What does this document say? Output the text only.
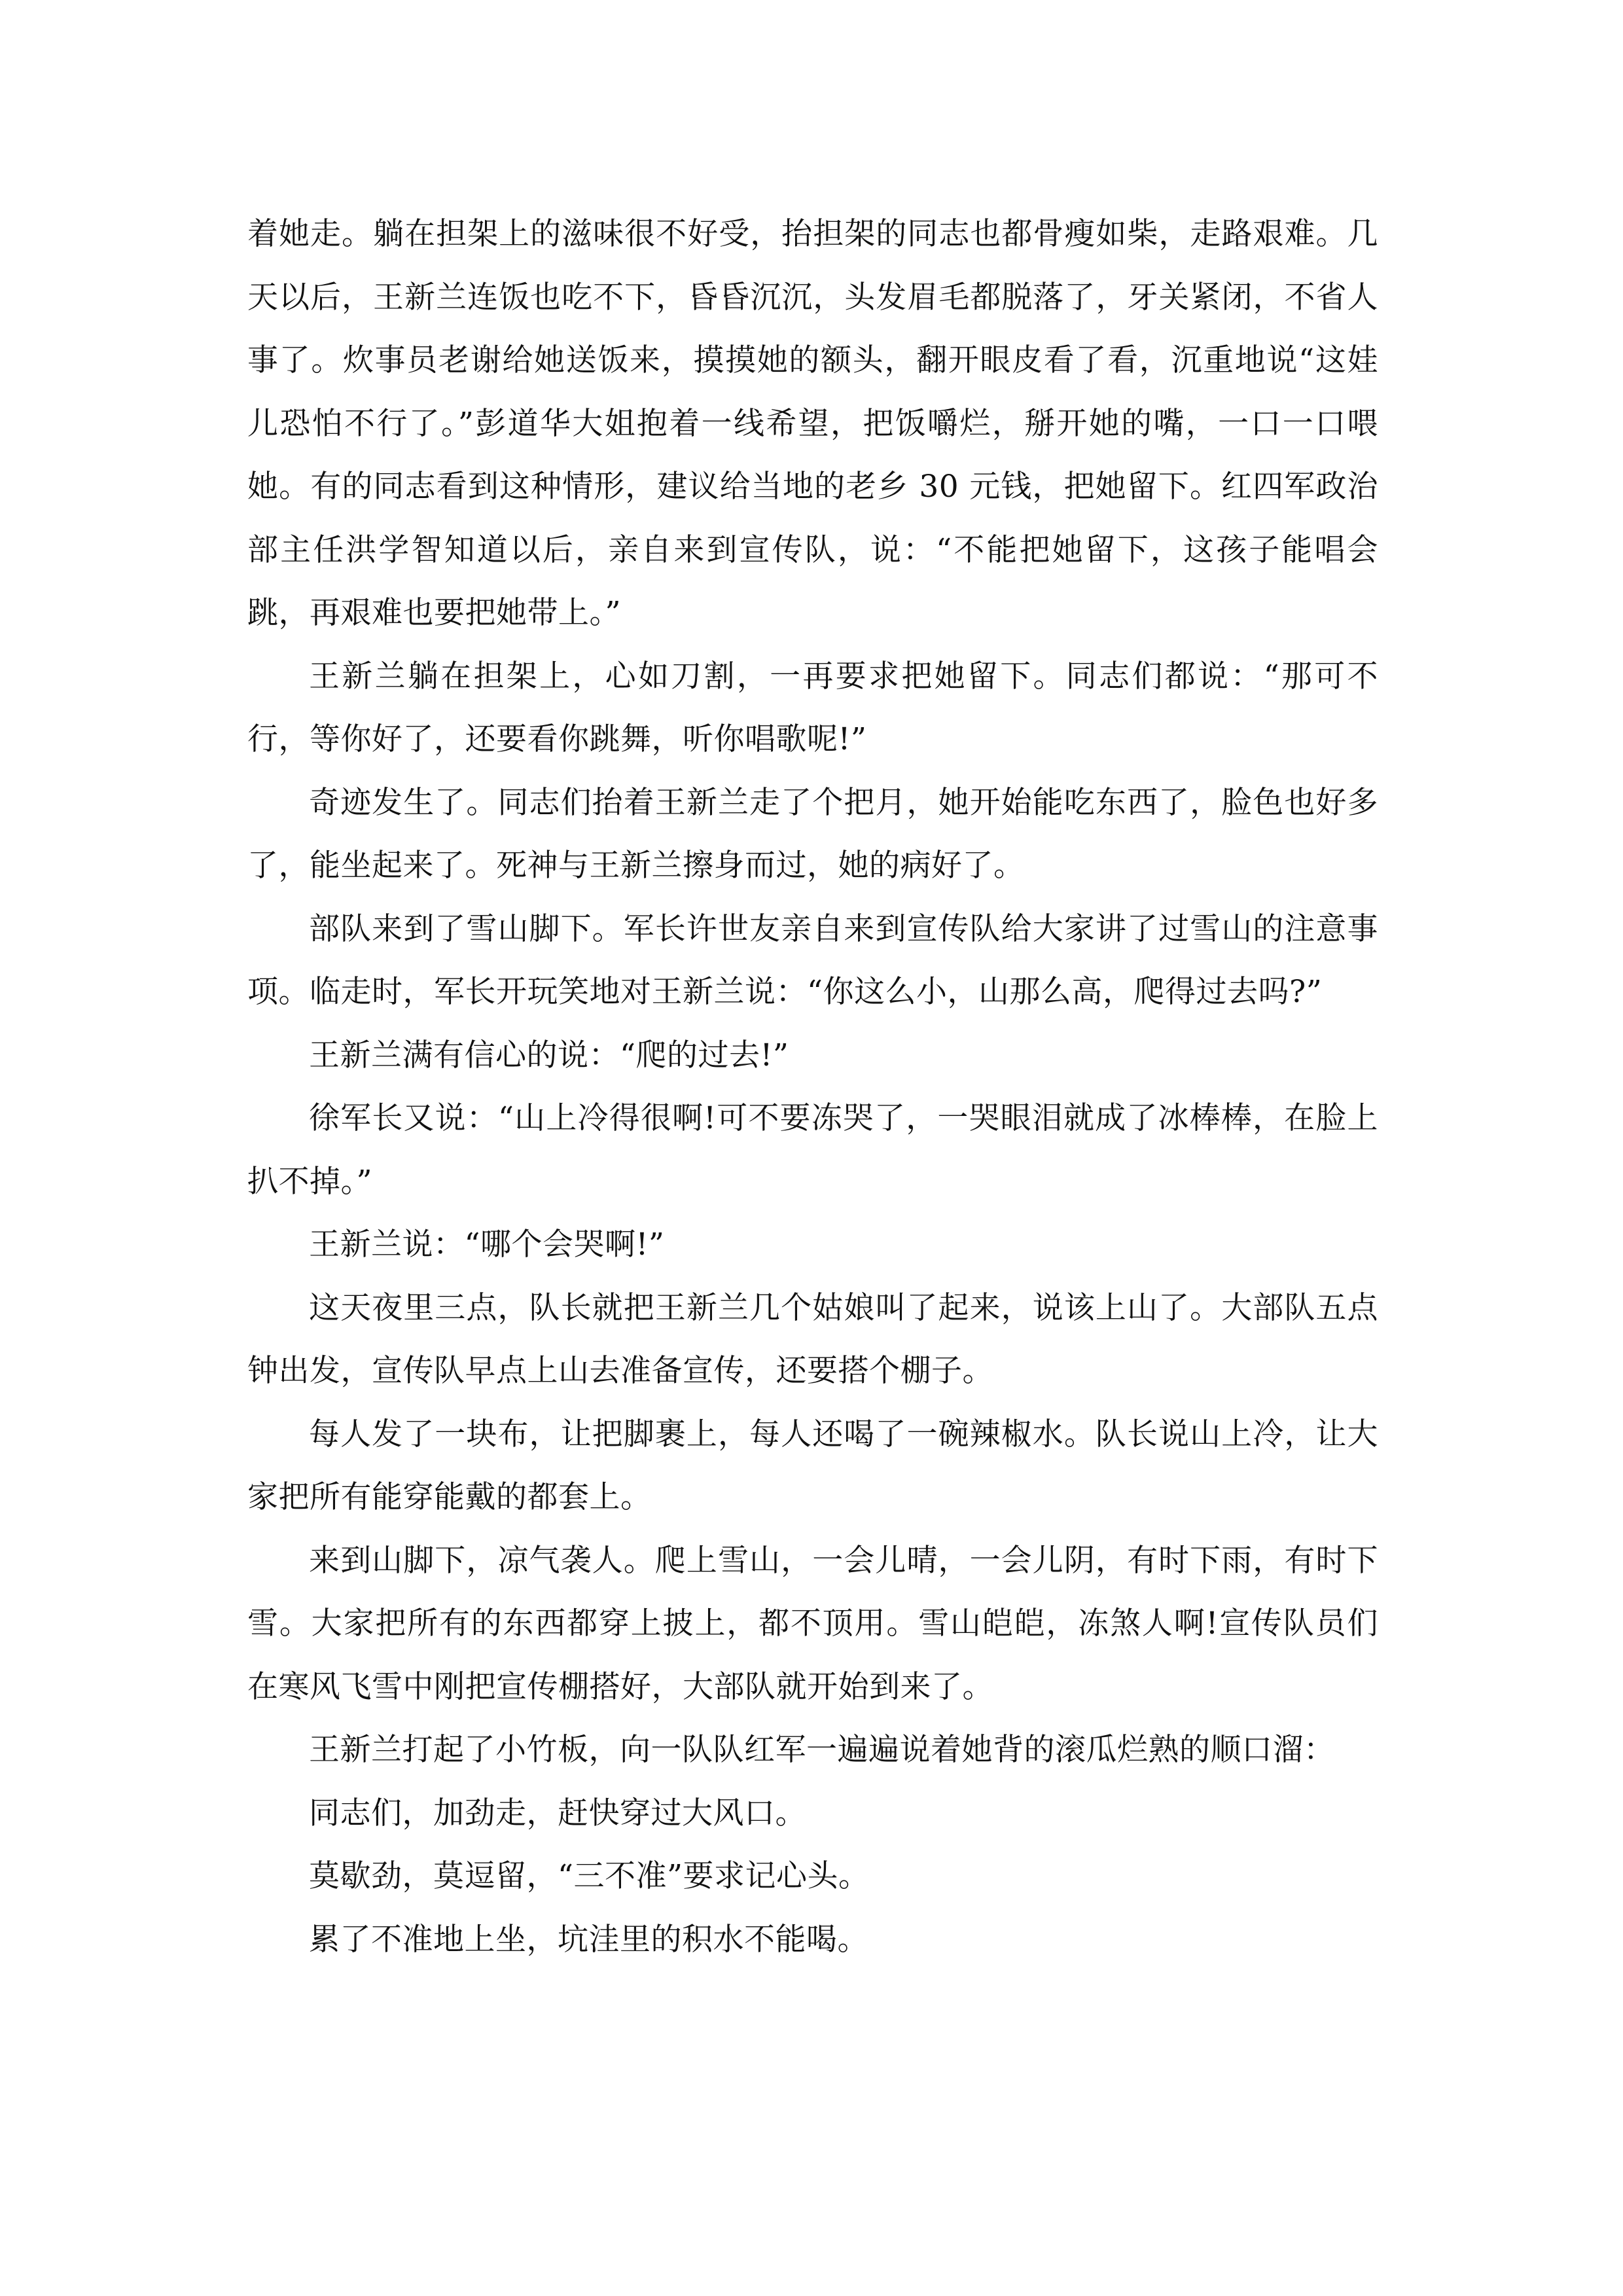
着她走。躺在担架上的滋味很不好受，抬担架的同志也都骨瘦如柴，走路艰难。几天以后，王新兰连饭也吃不下，昏昏沉沉，头发眉毛都脱落了，牙关紧闭，不省人事了。炊事员老谢给她送饭来，摸摸她的额头，翻开眼皮看了看，沉重地说“这娃儿恐怕不行了。”彭道华大姐抱着一线希望，把饭嚼烂，掰开她的嘴，一口一口喂她。有的同志看到这种情形，建议给当地的老乡 30 元钱，把她留下。红四军政治部主任洪学智知道以后，亲自来到宣传队，说：“不能把她留下，这孩子能唱会跳，再艰难也要把她带上。”

王新兰躺在担架上，心如刀割，一再要求把她留下。同志们都说：“那可不行，等你好了，还要看你跳舞，听你唱歌呢!”

奇迹发生了。同志们抬着王新兰走了个把月，她开始能吃东西了，脸色也好多了，能坐起来了。死神与王新兰擦身而过，她的病好了。

部队来到了雪山脚下。军长许世友亲自来到宣传队给大家讲了过雪山的注意事项。临走时，军长开玩笑地对王新兰说：“你这么小，山那么高，爬得过去吗?”

王新兰满有信心的说：“爬的过去!”

徐军长又说：“山上冷得很啊!可不要冻哭了，一哭眼泪就成了冰棒棒，在脸上扒不掉。”

王新兰说：“哪个会哭啊!”

这天夜里三点，队长就把王新兰几个姑娘叫了起来，说该上山了。大部队五点钟出发，宣传队早点上山去准备宣传，还要搭个棚子。

每人发了一块布，让把脚裹上，每人还喝了一碗辣椒水。队长说山上冷，让大家把所有能穿能戴的都套上。

来到山脚下，凉气袭人。爬上雪山，一会儿晴，一会儿阴，有时下雨，有时下雪。大家把所有的东西都穿上披上，都不顶用。雪山皑皑，冻煞人啊!宣传队员们在寒风飞雪中刚把宣传棚搭好，大部队就开始到来了。

王新兰打起了小竹板，向一队队红军一遍遍说着她背的滚瓜烂熟的顺口溜：

同志们，加劲走，赶快穿过大风口。

莫歇劲，莫逗留，“三不准”要求记心头。

累了不准地上坐，坑洼里的积水不能喝。
